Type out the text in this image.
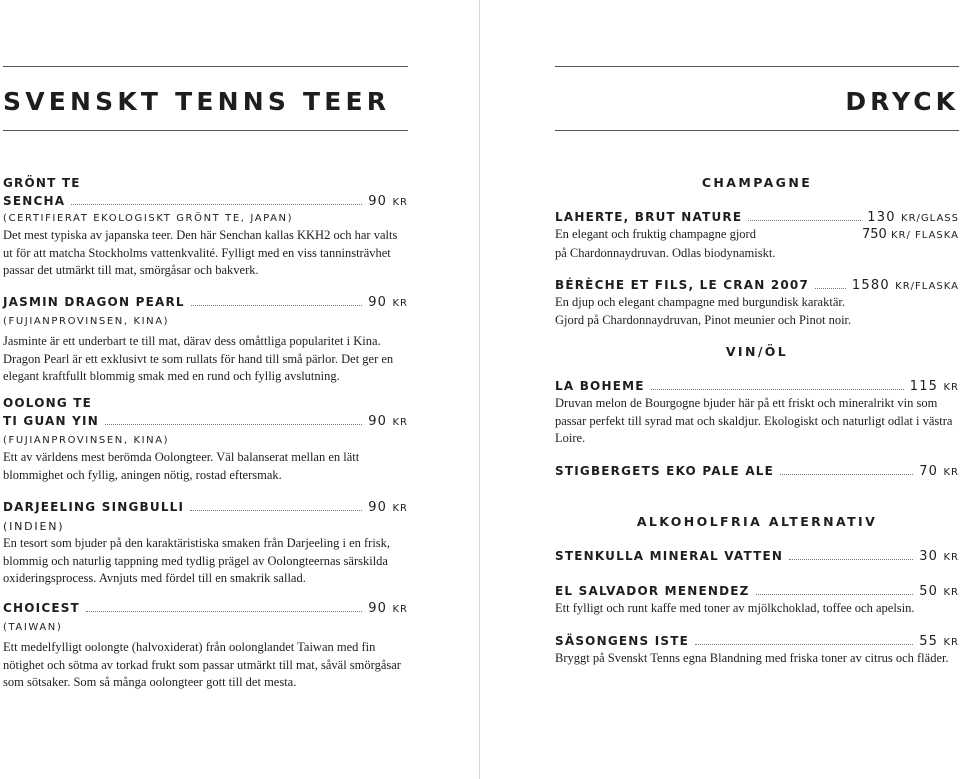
SVENSKT TENNS TEER
GRÖNT TE
SENCHA	90 KR
(CERTIFIERAT EKOLOGISKT GRÖNT TE, JAPAN)
Det mest typiska av japanska teer. Den här Senchan kallas KKH2 och har valts
ut för att matcha Stockholms vattenkvalité. Fylligt med en viss tanninsträvhet
passar det utmärkt till mat, smörgåsar och bakverk.
JASMIN DRAGON PEARL	90 KR
(FUJIANPROVINSEN, KINA)
Jasminte är ett underbart te till mat, därav dess omåttliga popularitet i Kina.
Dragon Pearl är ett exklusivt te som rullats för hand till små pärlor. Det ger en
elegant kraftfullt blommig smak med en rund och fyllig avslutning.
OOLONG TE
TI GUAN YIN	90 KR
(FUJIANPROVINSEN, KINA)
Ett av världens mest berömda Oolongteer. Väl balanserat mellan en lätt
blommighet och fyllig, aningen nötig, rostad eftersmak.
DARJEELING SINGBULLI	90 KR
(INDIEN)
En tesort som bjuder på den karaktäristiska smaken från Darjeeling i en frisk,
blommig och naturlig tappning med tydlig prägel av Oolongteernas särskilda
oxideringsprocess. Avnjuts med fördel till en smakrik sallad.
CHOICEST	90 KR
(TAIWAN)
Ett medelfylligt oolongte (halvoxiderat) från oolonglandet Taiwan med fin
nötighet och sötma av torkad frukt som passar utmärkt till mat, såväl smörgåsar
som sötsaker. Som så många oolongteer gott till det mesta.
DRYCK
CHAMPAGNE
LAHERTE, BRUT NATURE	130 KR/GLASS
En elegant och fruktig champagne gjord	750 KR/ FLASKA
på Chardonnaydruvan. Odlas biodynamiskt.
BÉRÈCHE ET FILS, LE CRAN 2007	1580 KR/FLASKA
En djup och elegant champagne med burgundisk karaktär.
Gjord på Chardonnaydruvan, Pinot meunier och Pinot noir.
VIN/ÖL
LA BOHEME	115 KR
Druvan melon de Bourgogne bjuder här på ett friskt och mineralrikt vin som
passar perfekt till syrad mat och skaldjur. Ekologiskt och naturligt odlat i västra
Loire.
STIGBERGETS EKO PALE ALE	70 KR
ALKOHOLFRIA ALTERNATIV
STENKULLA MINERAL VATTEN	30 KR
EL SALVADOR MENENDEZ	50 KR
Ett fylligt och runt kaffe med toner av mjölkchoklad, toffee och apelsin.
SÄSONGENS ISTE	55 KR
Bryggt på Svenskt Tenns egna Blandning med friska toner av citrus och fläder.
